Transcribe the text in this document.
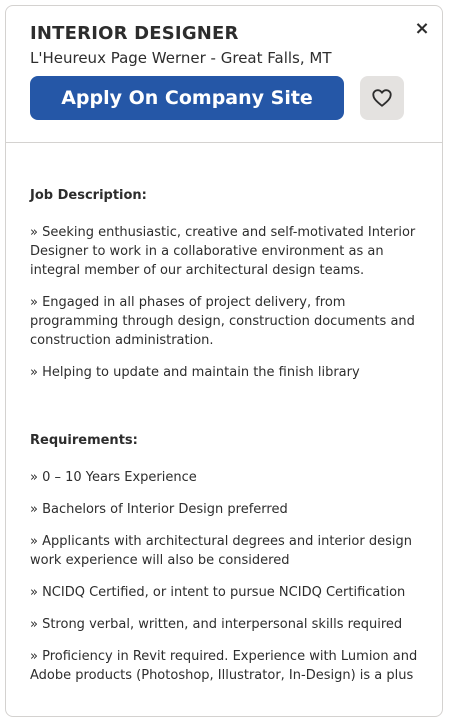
INTERIOR DESIGNER
L'Heureux Page Werner - Great Falls, MT
×
Apply On Company Site
Job Description:
» Seeking enthusiastic, creative and self-motivated Interior Designer to work in a collaborative environment as an integral member of our architectural design teams.
» Engaged in all phases of project delivery, from programming through design, construction documents and construction administration.
» Helping to update and maintain the finish library
Requirements:
» 0 – 10 Years Experience
» Bachelors of Interior Design preferred
» Applicants with architectural degrees and interior design work experience will also be considered
» NCIDQ Certified, or intent to pursue NCIDQ Certification
» Strong verbal, written, and interpersonal skills required
» Proficiency in Revit required. Experience with Lumion and Adobe products (Photoshop, Illustrator, In-Design) is a plus
